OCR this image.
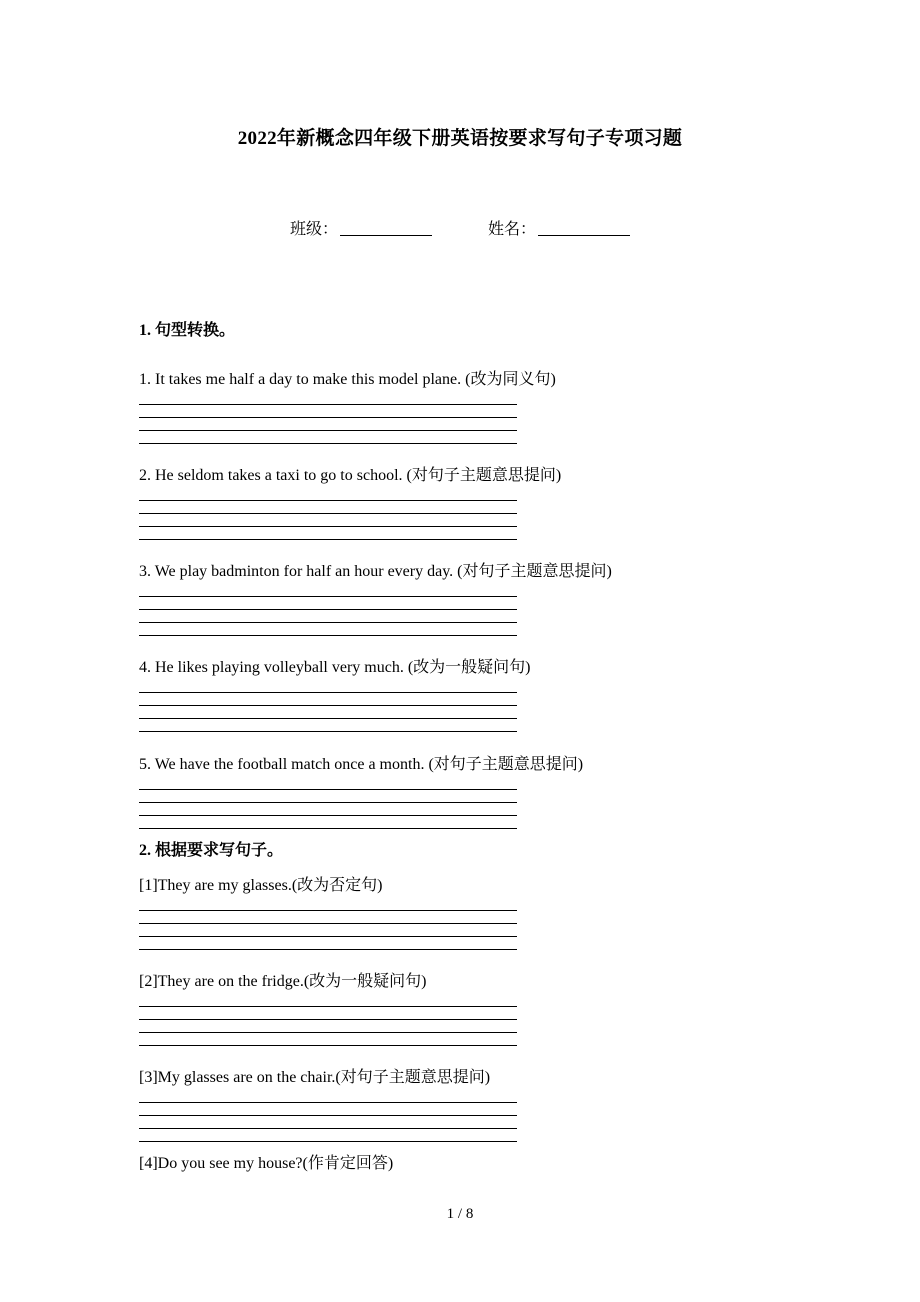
2022年新概念四年级下册英语按要求写句子专项习题
班级：	姓名：
1. 句型转换。
1. It takes me half a day to make this model plane. (改为同义句)
2. He seldom takes a taxi to go to school. (对句子主题意思提问)
3. We play badminton for half an hour every day. (对句子主题意思提问)
4. He likes playing volleyball very much. (改为一般疑问句)
5. We have the football match once a month. (对句子主题意思提问)
2. 根据要求写句子。
[1]They are my glasses.(改为否定句)
[2]They are on the fridge.(改为一般疑问句)
[3]My glasses are on the chair.(对句子主题意思提问)
[4]Do you see my house?(作肯定回答)
1 / 8
